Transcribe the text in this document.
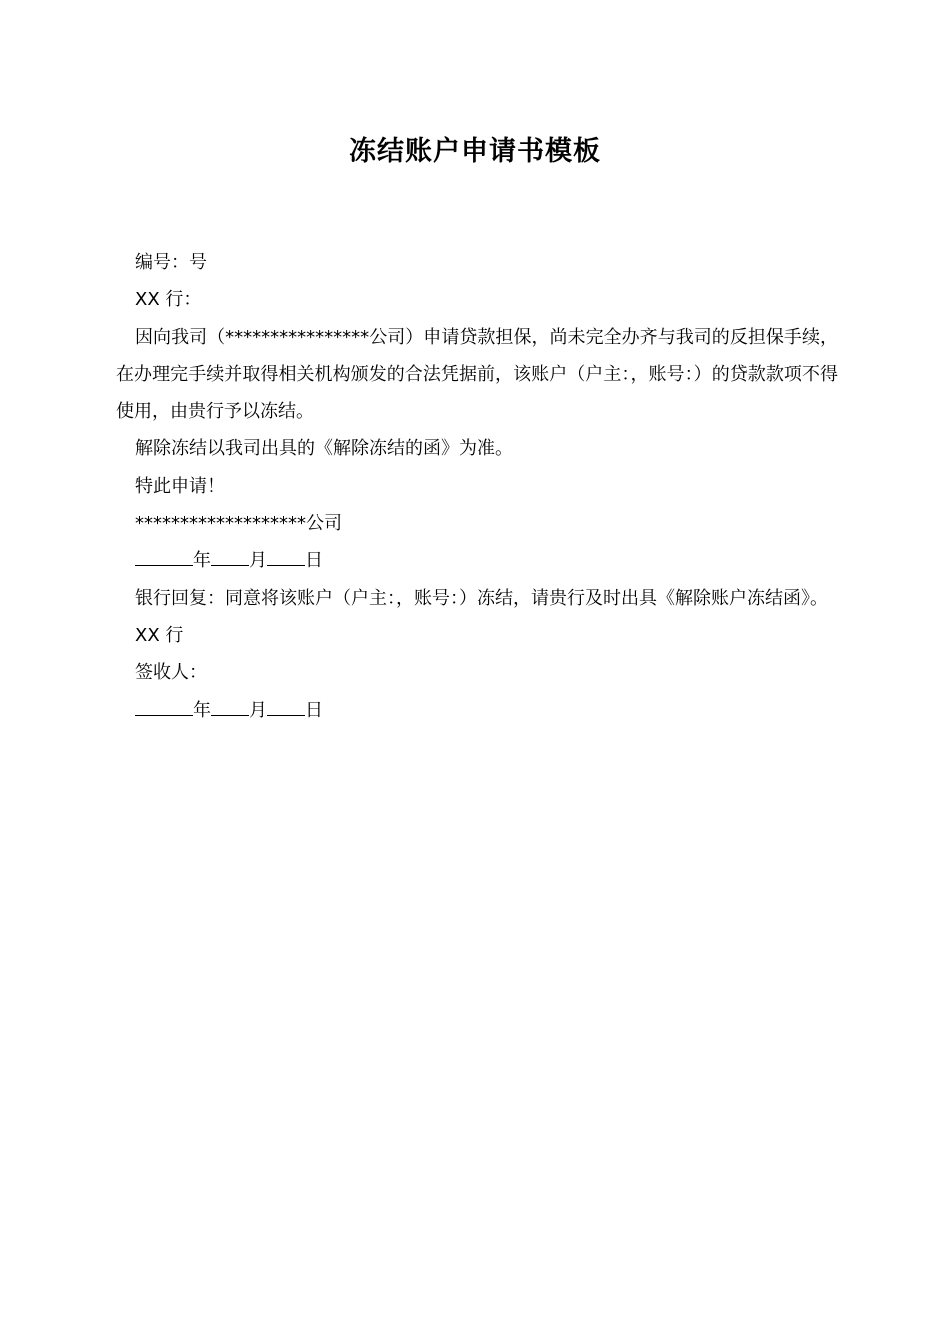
冻结账户申请书模板

编号：号

XX 行：

因向我司（****************公司）申请贷款担保，尚未完全办齐与我司的反担保手续，在办理完手续并取得相关机构颁发的合法凭据前，该账户（户主：，账号：）的贷款款项不得使用，由贵行予以冻结。

解除冻结以我司出具的《解除冻结的函》为准。

特此申请！

*******************公司

年 月 日

银行回复：同意将该账户（户主：，账号：）冻结，请贵行及时出具《解除账户冻结函》。

XX 行

签收人：

年 月 日
